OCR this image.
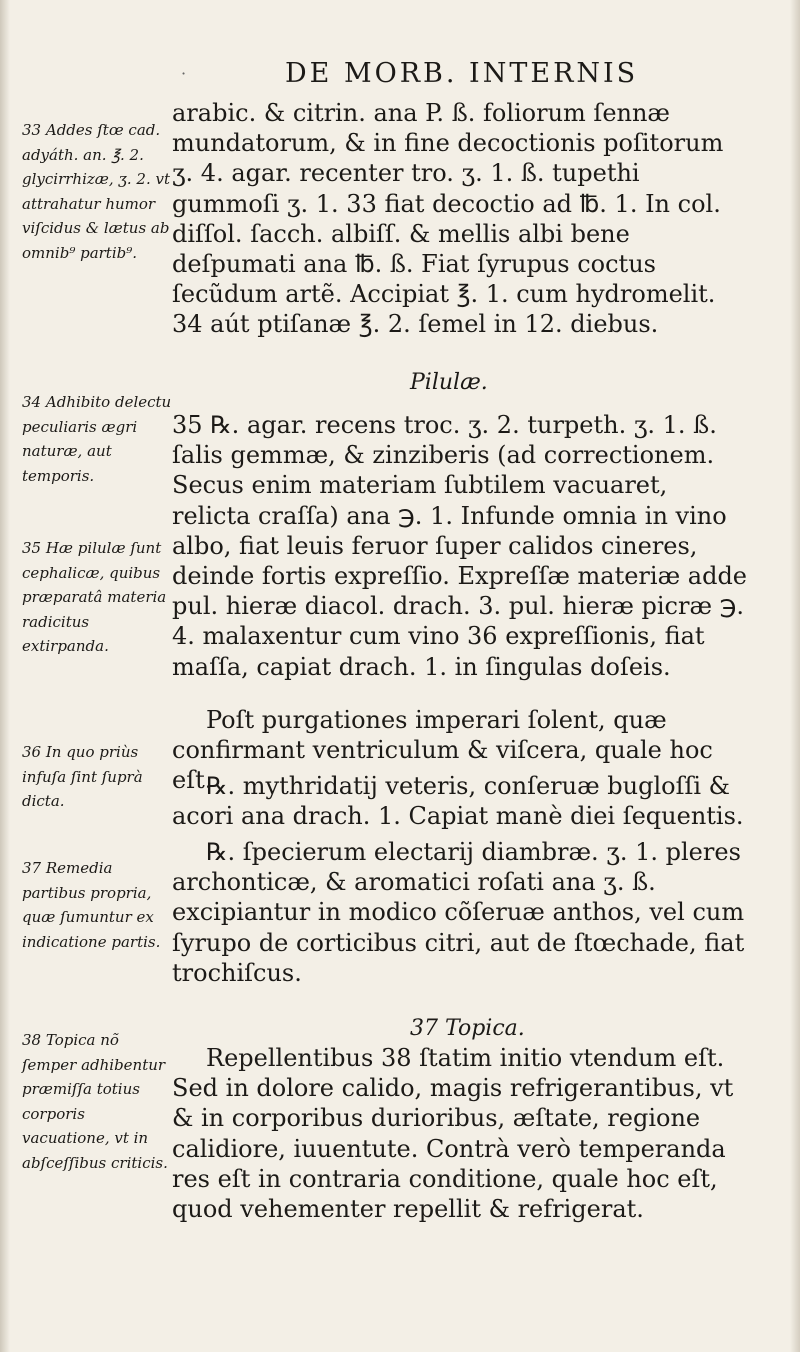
·	DE MORB. INTERNIS
33 Addes ſtœ cad. adyáth. an. ℥. 2. glycirrhizæ, ʒ. 2. vt attrahatur humor viſcidus & lætus ab omnib⁹ partib⁹.
34 Adhibito delectu peculiaris ægri naturæ, aut temporis.
35 Hæ pilulæ ſunt cephalicæ, quibus præparatâ materia radicitus extirpanda.
36 In quo priùs infuſa ſint ſuprà dicta.
37 Remedia partibus propria, quæ ſumuntur ex indicatione partis.
38 Topica nõ ſemper adhibentur præmiſſa totius corporis vacuatione, vt in abſceſſibus criticis.
arabic. & citrin. ana P. ß. foliorum ſennæ mundatorum, & in fine decoctionis poſitorum ʒ. 4. agar. recenter tro. ʒ. 1. ß. tupethi gummoſi ʒ. 1. 33 fiat decoctio ad ℔. 1. In col. diſſol. ſacch. albiſſ. & mellis albi bene deſpumati ana ℔. ß. Fiat ſyrupus coctus ſecũdum artẽ. Accipiat ℥. 1. cum hydromelit. 34 aút ptiſanæ ℥. 2. ſemel in 12. diebus.
Pilulæ.
35 ℞. agar. recens troc. ʒ. 2. turpeth. ʒ. 1. ß. ſalis gemmæ, & zinziberis (ad correctionem. Secus enim materiam ſubtilem vacuaret, relicta craſſa) ana ℈. 1. Infunde omnia in vino albo, fiat leuis feruor ſuper calidos cineres, deinde fortis expreſſio. Expreſſæ materiæ adde pul. hieræ diacol. drach. 3. pul. hieræ picræ ℈. 4. malaxentur cum vino 36 expreſſionis, fiat maſſa, capiat drach. 1. in ſingulas doſeis.
Poſt purgationes imperari ſolent, quæ confirmant ventriculum & viſcera, quale hoc eſt.
℞. mythridatij veteris, conſeruæ bugloſſi & acori ana drach. 1. Capiat manè diei ſequentis.
℞. ſpecierum electarij diambræ. ʒ. 1. pleres archonticæ, & aromatici roſati ana ʒ. ß. excipiantur in modico cõſeruæ anthos, vel cum ſyrupo de corticibus citri, aut de ſtœchade, fiat trochiſcus.
37 Topica.
Repellentibus 38 ſtatim initio vtendum eſt. Sed in dolore calido, magis refrigerantibus, vt & in corporibus durioribus, æſtate, regione calidiore, iuuentute. Contrà verò temperanda res eſt in contraria conditione, quale hoc eſt, quod vehementer repellit & refrigerat.
